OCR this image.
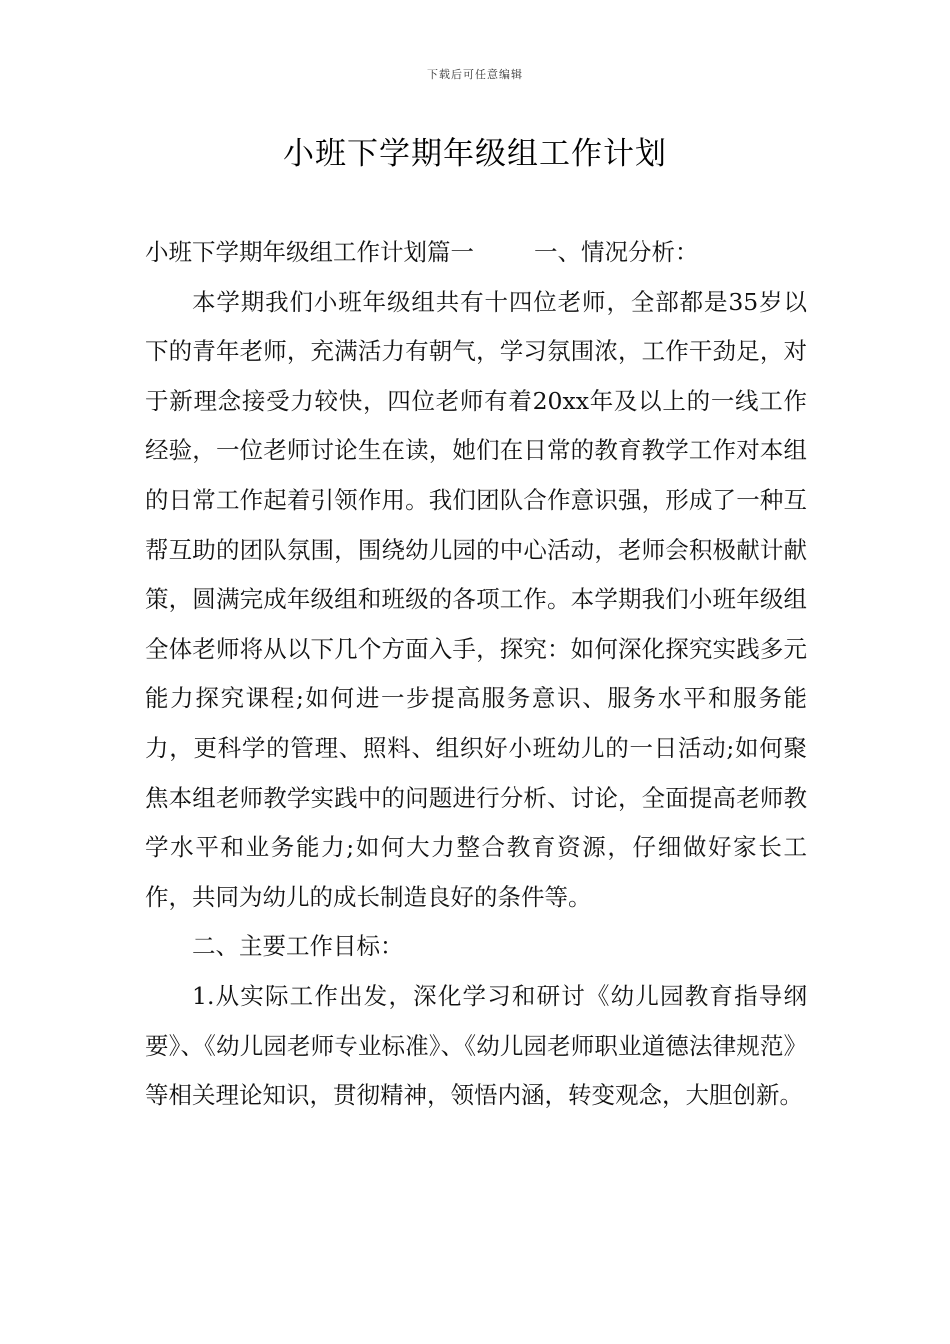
下载后可任意编辑
小班下学期年级组工作计划

小班下学期年级组工作计划篇一	一、情况分析：

本学期我们小班年级组共有十四位老师，全部都是35岁以下的青年老师，充满活力有朝气，学习氛围浓，工作干劲足，对于新理念接受力较快，四位老师有着20xx年及以上的一线工作经验，一位老师讨论生在读，她们在日常的教育教学工作对本组的日常工作起着引领作用。我们团队合作意识强，形成了一种互帮互助的团队氛围，围绕幼儿园的中心活动，老师会积极献计献策，圆满完成年级组和班级的各项工作。本学期我们小班年级组全体老师将从以下几个方面入手，探究：如何深化探究实践多元能力探究课程;如何进一步提高服务意识、服务水平和服务能力，更科学的管理、照料、组织好小班幼儿的一日活动;如何聚焦本组老师教学实践中的问题进行分析、讨论，全面提高老师教学水平和业务能力;如何大力整合教育资源，仔细做好家长工作，共同为幼儿的成长制造良好的条件等。

二、主要工作目标：

1.从实际工作出发，深化学习和研讨《幼儿园教育指导纲要》、《幼儿园老师专业标准》、《幼儿园老师职业道德法律规范》等相关理论知识，贯彻精神，领悟内涵，转变观念，大胆创新。
